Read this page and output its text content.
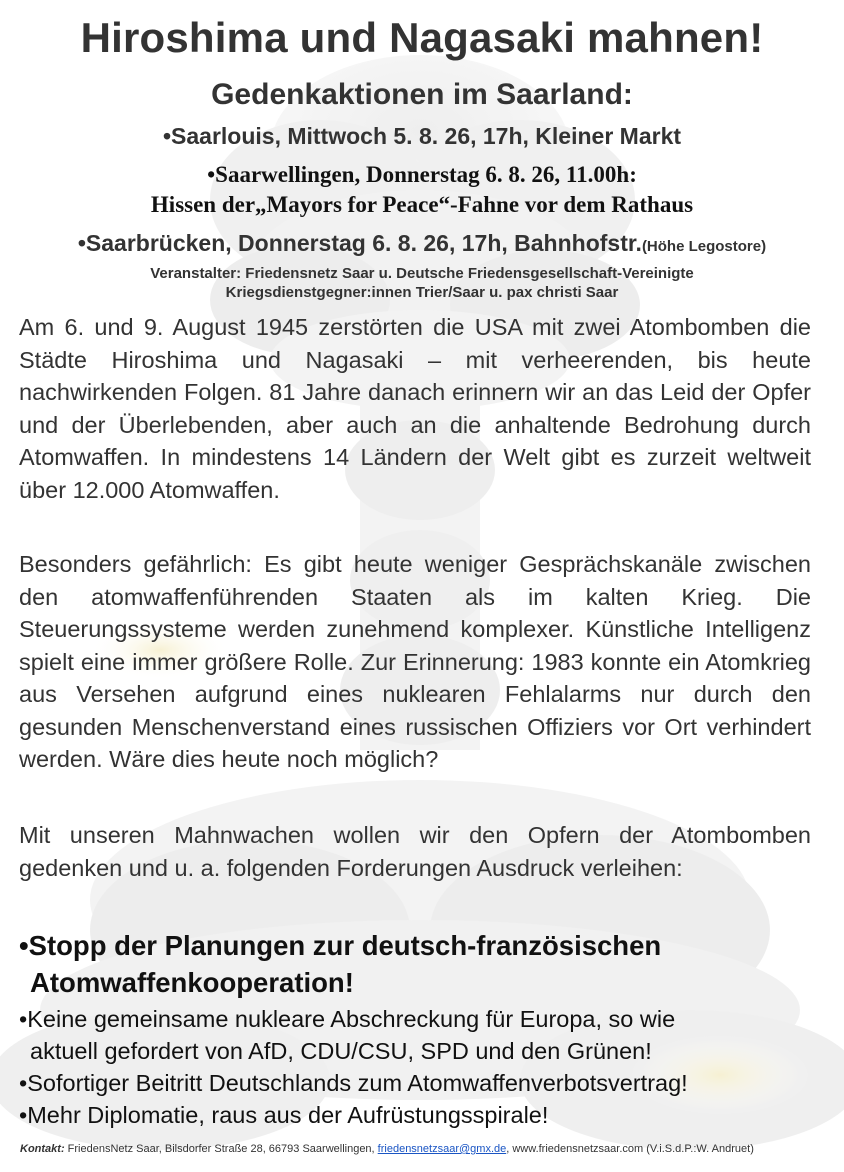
Hiroshima und Nagasaki mahnen!
Gedenkaktionen im Saarland:
•Saarlouis, Mittwoch 5. 8. 26, 17h, Kleiner Markt
•Saarwellingen, Donnerstag 6. 8. 26, 11.00h:
Hissen der„Mayors for Peace“-Fahne vor dem Rathaus
•Saarbrücken, Donnerstag 6. 8. 26, 17h, Bahnhofstr.(Höhe Legostore)
Veranstalter: Friedensnetz Saar u. Deutsche Friedensgesellschaft-Vereinigte
Kriegsdienstgegner:innen Trier/Saar u. pax christi Saar
Am 6. und 9. August 1945 zerstörten die USA mit zwei Atombomben die Städte Hiroshima und Nagasaki – mit verheerenden, bis heute nachwirkenden Folgen. 81 Jahre danach erinnern wir an das Leid der Opfer und der Überlebenden, aber auch an die anhaltende Bedrohung durch Atomwaffen. In mindestens 14 Ländern der Welt gibt es zurzeit weltweit über 12.000 Atomwaffen.
Besonders gefährlich: Es gibt heute weniger Gesprächskanäle zwischen den atomwaffenführenden Staaten als im kalten Krieg. Die Steuerungssysteme werden zunehmend komplexer. Künstliche Intelligenz spielt eine immer größere Rolle. Zur Erinnerung: 1983 konnte ein Atomkrieg aus Versehen aufgrund eines nuklearen Fehlalarms nur durch den gesunden Menschenverstand eines russischen Offiziers vor Ort verhindert werden. Wäre dies heute noch möglich?
Mit unseren Mahnwachen wollen wir den Opfern der Atombomben gedenken und u. a. folgenden Forderungen Ausdruck verleihen:
•Stopp der Planungen zur deutsch-französischen
Atomwaffenkooperation!
•Keine gemeinsame nukleare Abschreckung für Europa, so wie
aktuell gefordert von AfD, CDU/CSU, SPD und den Grünen!
•Sofortiger Beitritt Deutschlands zum Atomwaffenverbotsvertrag!
•Mehr Diplomatie, raus aus der Aufrüstungsspirale!
Kontakt: FriedensNetz Saar, Bilsdorfer Straße 28, 66793 Saarwellingen, friedensnetzsaar@gmx.de, www.friedensnetzsaar.com (V.i.S.d.P.:W. Andruet)
